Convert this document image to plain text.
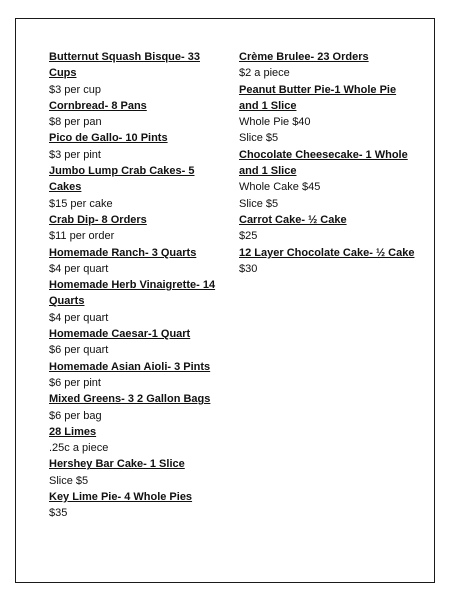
Butternut Squash Bisque- 33
Cups
$3 per cup
Cornbread- 8 Pans
$8 per pan
Pico de Gallo- 10 Pints
$3 per pint
Jumbo Lump Crab Cakes- 5
Cakes
$15 per cake
Crab Dip- 8 Orders
$11 per order
Homemade Ranch- 3 Quarts
$4 per quart
Homemade Herb Vinaigrette- 14
Quarts
$4 per quart
Homemade Caesar-1 Quart
$6 per quart
Homemade Asian Aioli- 3 Pints
$6 per pint
Mixed Greens- 3 2 Gallon Bags
$6 per bag
28 Limes
.25c a piece
Hershey Bar Cake- 1 Slice
Slice $5
Key Lime Pie- 4 Whole Pies
$35
Crème Brulee- 23 Orders
$2 a piece
Peanut Butter Pie-1 Whole Pie
and 1 Slice
Whole Pie $40
Slice $5
Chocolate Cheesecake- 1 Whole
and 1 Slice
Whole Cake $45
Slice $5
Carrot Cake- ½ Cake
$25
12 Layer Chocolate Cake- ½ Cake
$30
